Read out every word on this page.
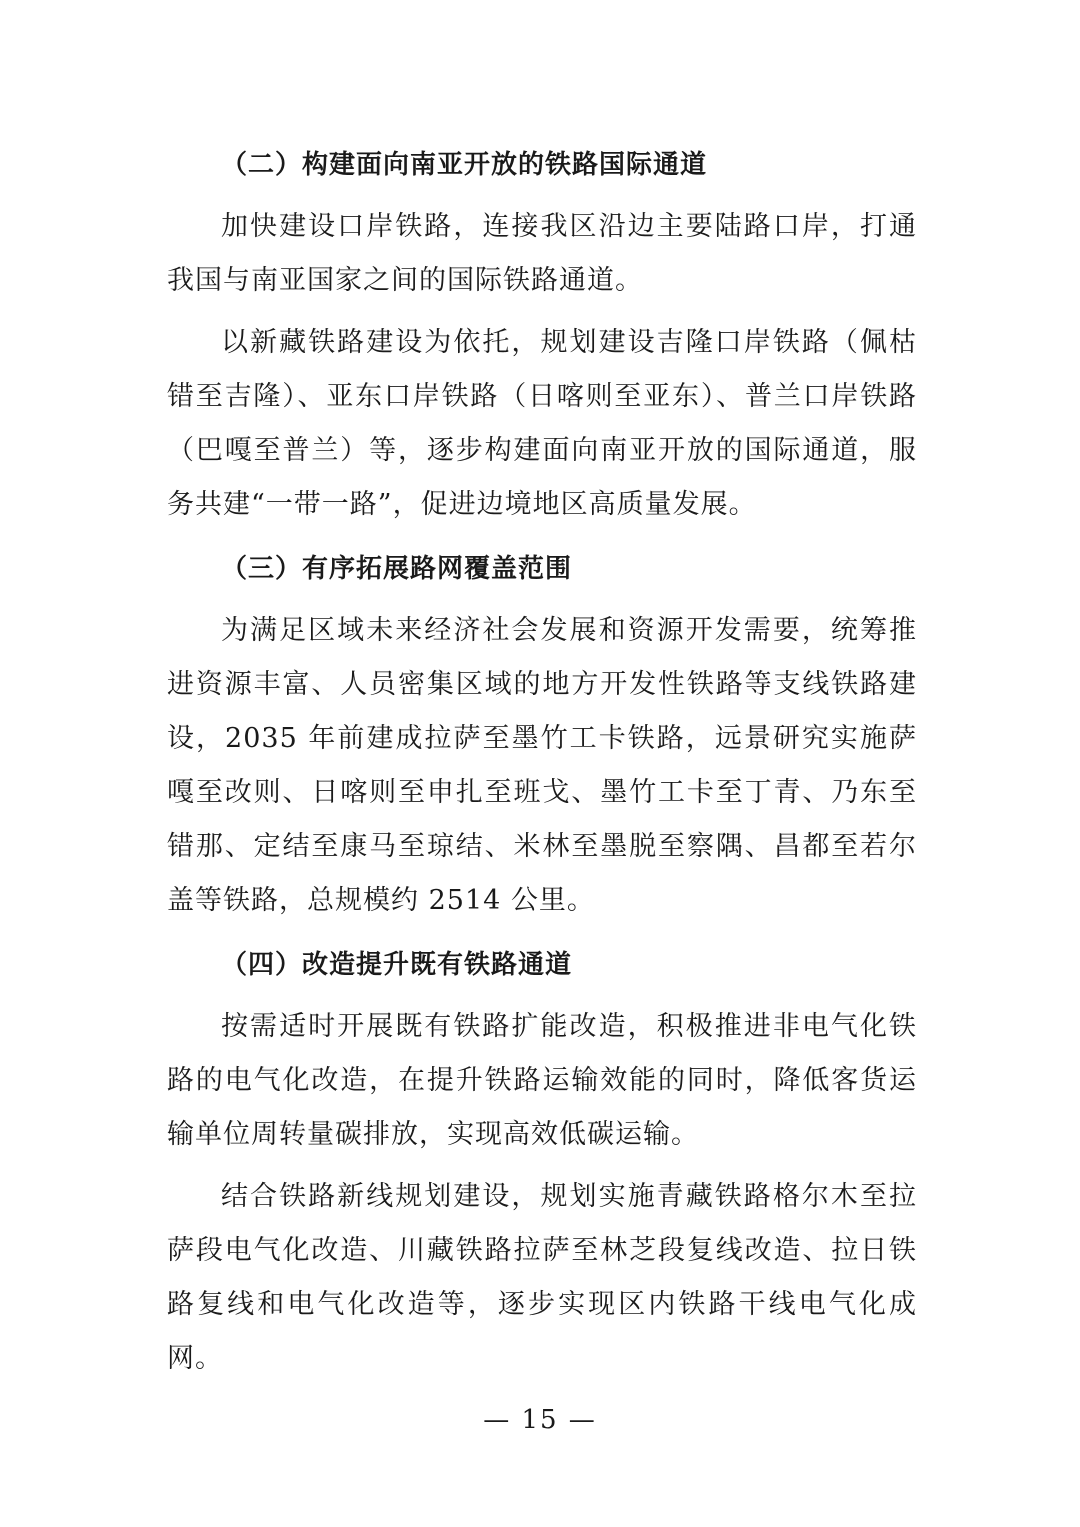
（二）构建面向南亚开放的铁路国际通道

加快建设口岸铁路，连接我区沿边主要陆路口岸，打通我国与南亚国家之间的国际铁路通道。

以新藏铁路建设为依托，规划建设吉隆口岸铁路（佩枯错至吉隆）、亚东口岸铁路（日喀则至亚东）、普兰口岸铁路（巴嘎至普兰）等，逐步构建面向南亚开放的国际通道，服务共建“一带一路”，促进边境地区高质量发展。

（三）有序拓展路网覆盖范围

为满足区域未来经济社会发展和资源开发需要，统筹推进资源丰富、人员密集区域的地方开发性铁路等支线铁路建设，2035 年前建成拉萨至墨竹工卡铁路，远景研究实施萨嘎至改则、日喀则至申扎至班戈、墨竹工卡至丁青、乃东至错那、定结至康马至琼结、米林至墨脱至察隅、昌都至若尔盖等铁路，总规模约 2514 公里。

（四）改造提升既有铁路通道

按需适时开展既有铁路扩能改造，积极推进非电气化铁路的电气化改造，在提升铁路运输效能的同时，降低客货运输单位周转量碳排放，实现高效低碳运输。

结合铁路新线规划建设，规划实施青藏铁路格尔木至拉萨段电气化改造、川藏铁路拉萨至林芝段复线改造、拉日铁路复线和电气化改造等，逐步实现区内铁路干线电气化成网。

— 15 —
